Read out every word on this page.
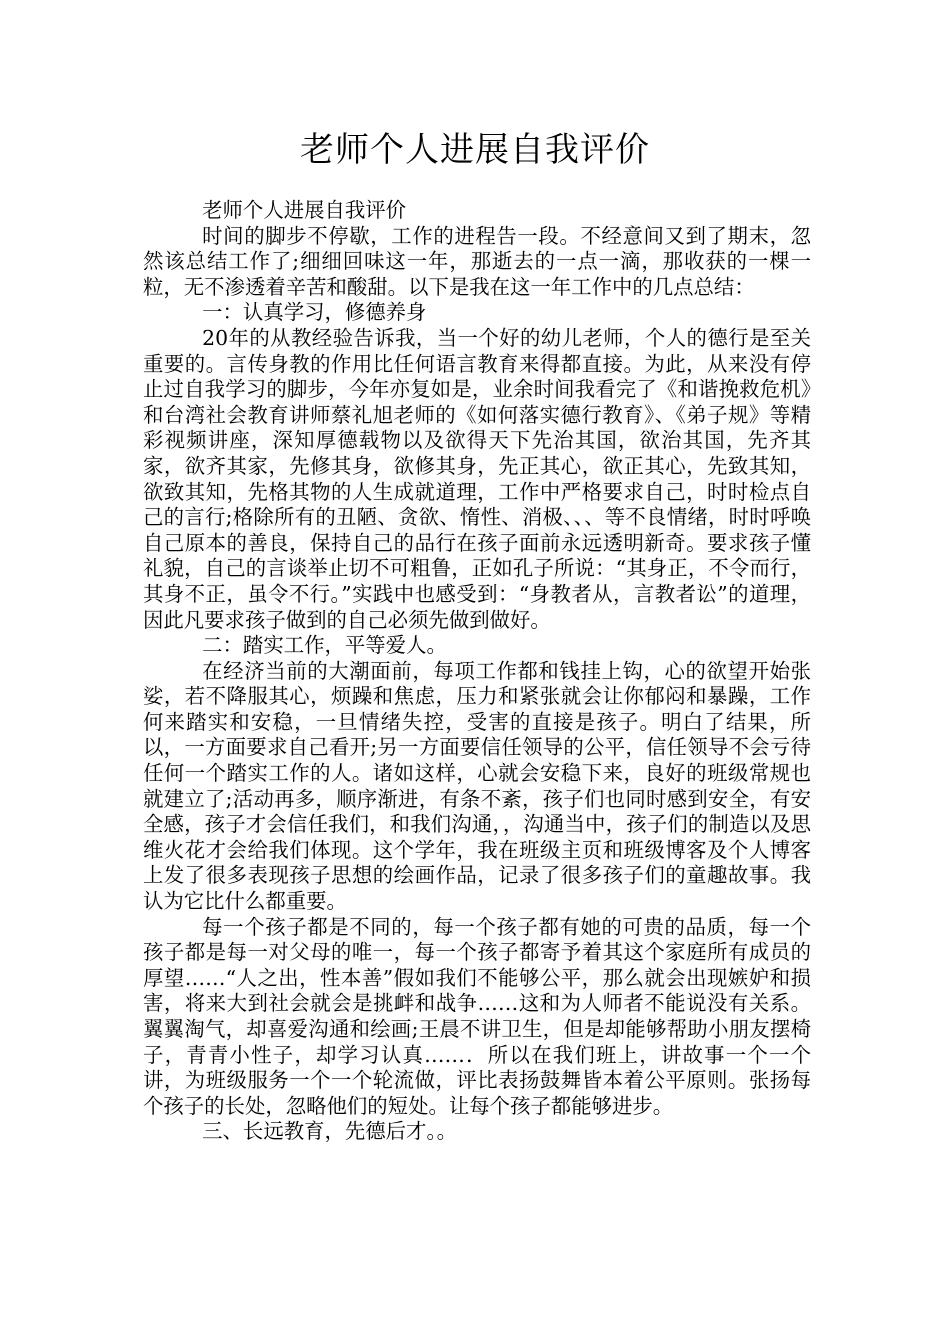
老师个人进展自我评价

老师个人进展自我评价

时间的脚步不停歇，工作的进程告一段。不经意间又到了期末，忽然该总结工作了;细细回味这一年，那逝去的一点一滴，那收获的一棵一粒，无不渗透着辛苦和酸甜。以下是我在这一年工作中的几点总结：

一：认真学习，修德养身

20年的从教经验告诉我，当一个好的幼儿老师，个人的德行是至关重要的。言传身教的作用比任何语言教育来得都直接。为此，从来没有停止过自我学习的脚步，今年亦复如是，业余时间我看完了《和谐挽救危机》和台湾社会教育讲师蔡礼旭老师的《如何落实德行教育》、《弟子规》等精彩视频讲座，深知厚德载物以及欲得天下先治其国，欲治其国，先齐其家，欲齐其家，先修其身，欲修其身，先正其心，欲正其心，先致其知，欲致其知，先格其物的人生成就道理，工作中严格要求自己，时时检点自己的言行;格除所有的丑陋、贪欲、惰性、消极、、、等不良情绪，时时呼唤自己原本的善良，保持自己的品行在孩子面前永远透明新奇。要求孩子懂礼貌，自己的言谈举止切不可粗鲁，正如孔子所说：“其身正，不令而行，其身不正，虽令不行。”实践中也感受到：“身教者从，言教者讼”的道理，因此凡要求孩子做到的自己必须先做到做好。

二：踏实工作，平等爱人。

在经济当前的大潮面前，每项工作都和钱挂上钩，心的欲望开始张娑，若不降服其心，烦躁和焦虑，压力和紧张就会让你郁闷和暴躁，工作何来踏实和安稳，一旦情绪失控，受害的直接是孩子。明白了结果，所以，一方面要求自己看开;另一方面要信任领导的公平，信任领导不会亏待任何一个踏实工作的人。诸如这样，心就会安稳下来，良好的班级常规也就建立了;活动再多，顺序渐进，有条不紊，孩子们也同时感到安全，有安全感，孩子才会信任我们，和我们沟通，，沟通当中，孩子们的制造以及思维火花才会给我们体现。这个学年，我在班级主页和班级博客及个人博客上发了很多表现孩子思想的绘画作品，记录了很多孩子们的童趣故事。我认为它比什么都重要。

每一个孩子都是不同的，每一个孩子都有她的可贵的品质，每一个孩子都是每一对父母的唯一，每一个孩子都寄予着其这个家庭所有成员的厚望……“人之出，性本善”假如我们不能够公平，那么就会出现嫉妒和损害，将来大到社会就会是挑衅和战争……这和为人师者不能说没有关系。翼翼淘气，却喜爱沟通和绘画;王晨不讲卫生，但是却能够帮助小朋友摆椅子，青青小性子，却学习认真……．所以在我们班上，讲故事一个一个讲，为班级服务一个一个轮流做，评比表扬鼓舞皆本着公平原则。张扬每个孩子的长处，忽略他们的短处。让每个孩子都能够进步。

三、长远教育，先德后才。。
